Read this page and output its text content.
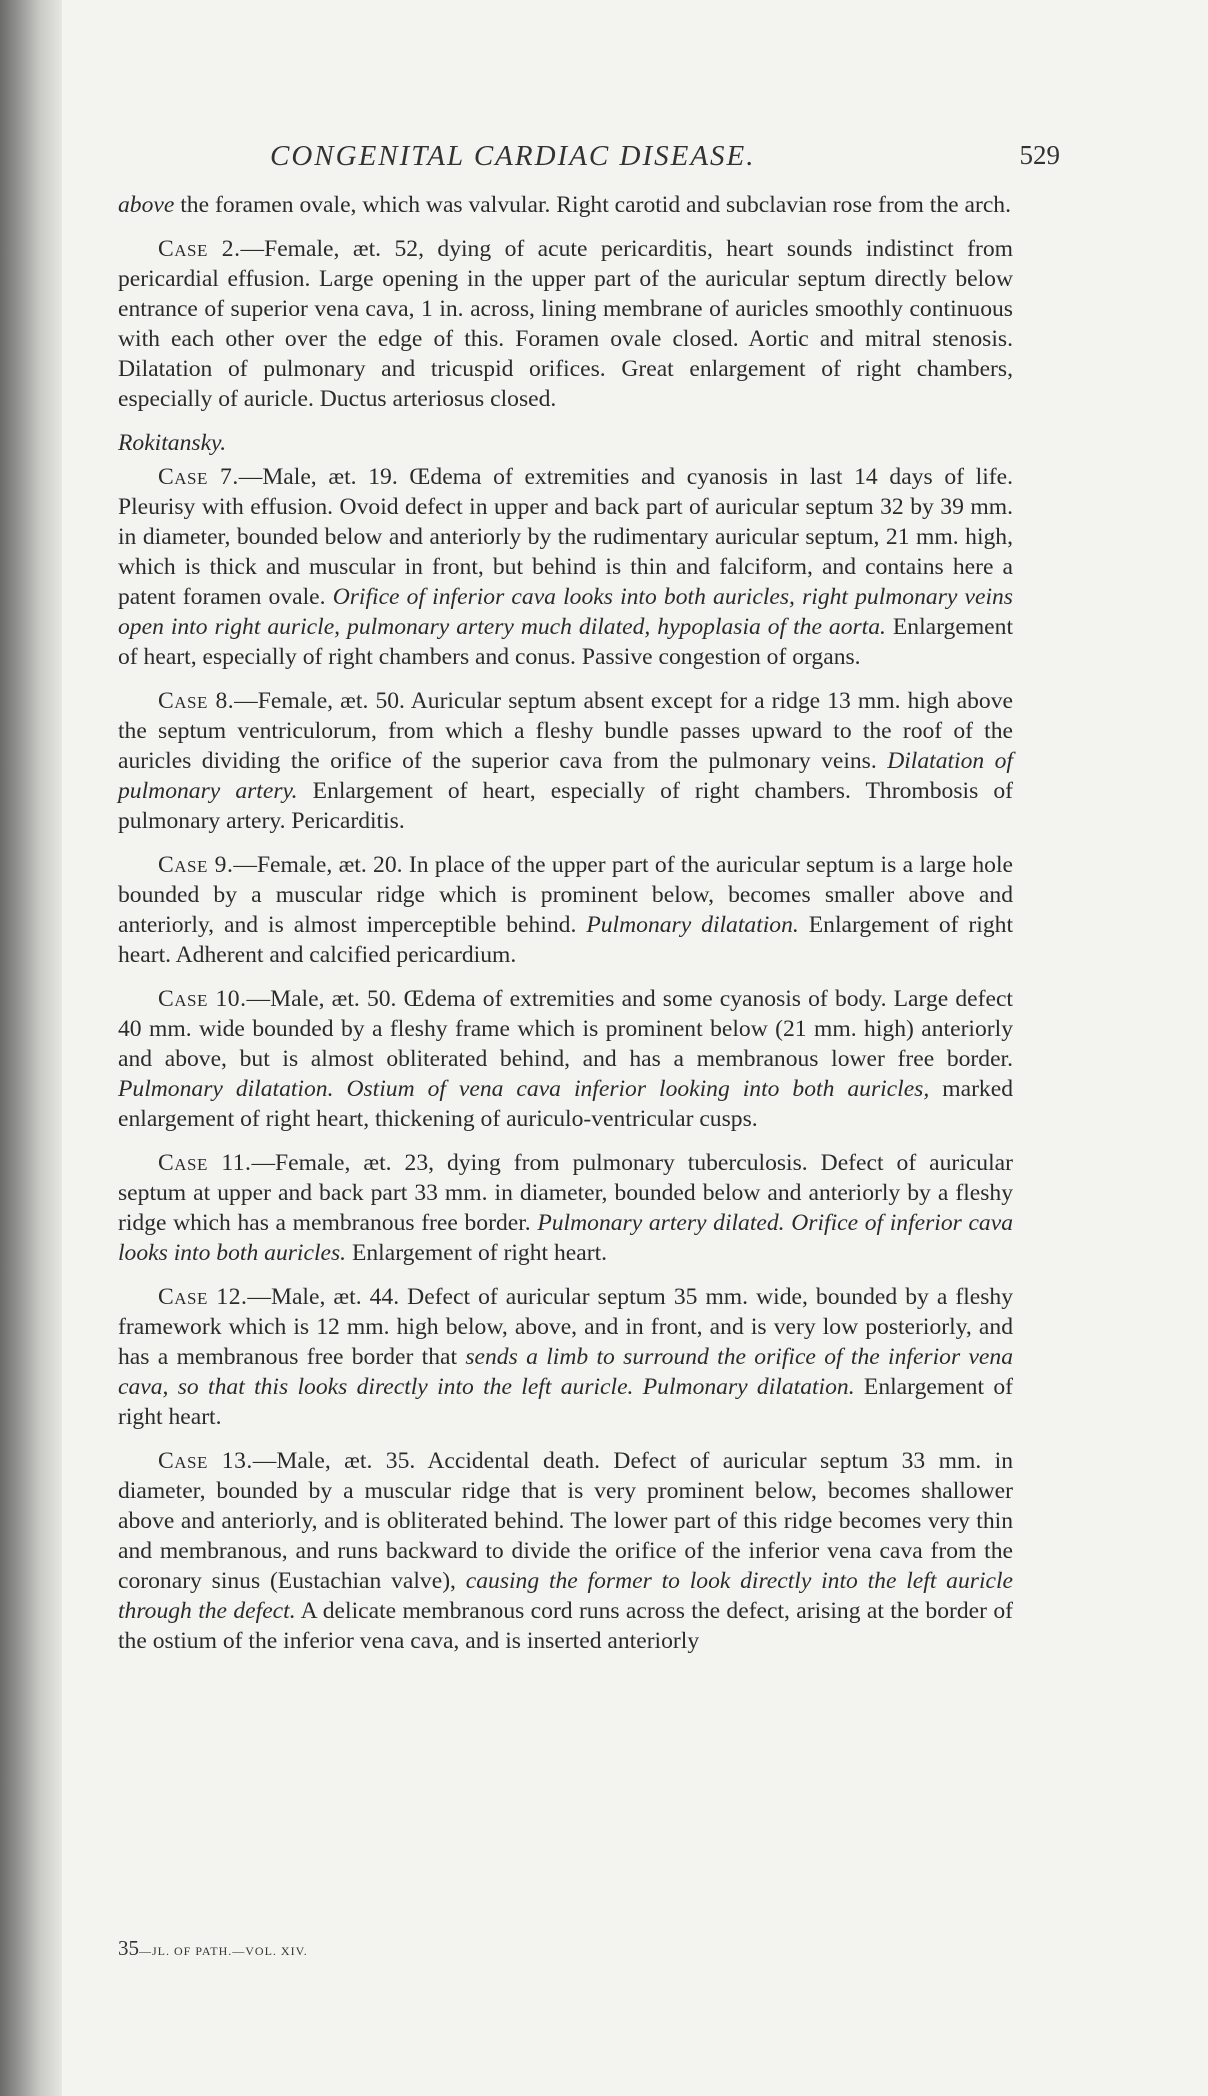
CONGENITAL CARDIAC DISEASE.	529

above the foramen ovale, which was valvular. Right carotid and subclavian rose from the arch.

Case 2.—Female, æt. 52, dying of acute pericarditis, heart sounds indistinct from pericardial effusion. Large opening in the upper part of the auricular septum directly below entrance of superior vena cava, 1 in. across, lining membrane of auricles smoothly continuous with each other over the edge of this. Foramen ovale closed. Aortic and mitral stenosis. Dilatation of pulmonary and tricuspid orifices. Great enlargement of right chambers, especially of auricle. Ductus arteriosus closed.

Rokitansky.

Case 7.—Male, æt. 19. Œdema of extremities and cyanosis in last 14 days of life. Pleurisy with effusion. Ovoid defect in upper and back part of auricular septum 32 by 39 mm. in diameter, bounded below and anteriorly by the rudimentary auricular septum, 21 mm. high, which is thick and muscular in front, but behind is thin and falciform, and contains here a patent foramen ovale. Orifice of inferior cava looks into both auricles, right pulmonary veins open into right auricle, pulmonary artery much dilated, hypoplasia of the aorta. Enlargement of heart, especially of right chambers and conus. Passive congestion of organs.

Case 8.—Female, æt. 50. Auricular septum absent except for a ridge 13 mm. high above the septum ventriculorum, from which a fleshy bundle passes upward to the roof of the auricles dividing the orifice of the superior cava from the pulmonary veins. Dilatation of pulmonary artery. Enlargement of heart, especially of right chambers. Thrombosis of pulmonary artery. Pericarditis.

Case 9.—Female, æt. 20. In place of the upper part of the auricular septum is a large hole bounded by a muscular ridge which is prominent below, becomes smaller above and anteriorly, and is almost imperceptible behind. Pulmonary dilatation. Enlargement of right heart. Adherent and calcified pericardium.

Case 10.—Male, æt. 50. Œdema of extremities and some cyanosis of body. Large defect 40 mm. wide bounded by a fleshy frame which is prominent below (21 mm. high) anteriorly and above, but is almost obliterated behind, and has a membranous lower free border. Pulmonary dilatation. Ostium of vena cava inferior looking into both auricles, marked enlargement of right heart, thickening of auriculo-ventricular cusps.

Case 11.—Female, æt. 23, dying from pulmonary tuberculosis. Defect of auricular septum at upper and back part 33 mm. in diameter, bounded below and anteriorly by a fleshy ridge which has a membranous free border. Pulmonary artery dilated. Orifice of inferior cava looks into both auricles. Enlargement of right heart.

Case 12.—Male, æt. 44. Defect of auricular septum 35 mm. wide, bounded by a fleshy framework which is 12 mm. high below, above, and in front, and is very low posteriorly, and has a membranous free border that sends a limb to surround the orifice of the inferior vena cava, so that this looks directly into the left auricle. Pulmonary dilatation. Enlargement of right heart.

Case 13.—Male, æt. 35. Accidental death. Defect of auricular septum 33 mm. in diameter, bounded by a muscular ridge that is very prominent below, becomes shallower above and anteriorly, and is obliterated behind. The lower part of this ridge becomes very thin and membranous, and runs backward to divide the orifice of the inferior vena cava from the coronary sinus (Eustachian valve), causing the former to look directly into the left auricle through the defect. A delicate membranous cord runs across the defect, arising at the border of the ostium of the inferior vena cava, and is inserted anteriorly

35—JL. OF PATH.—VOL. XIV.
